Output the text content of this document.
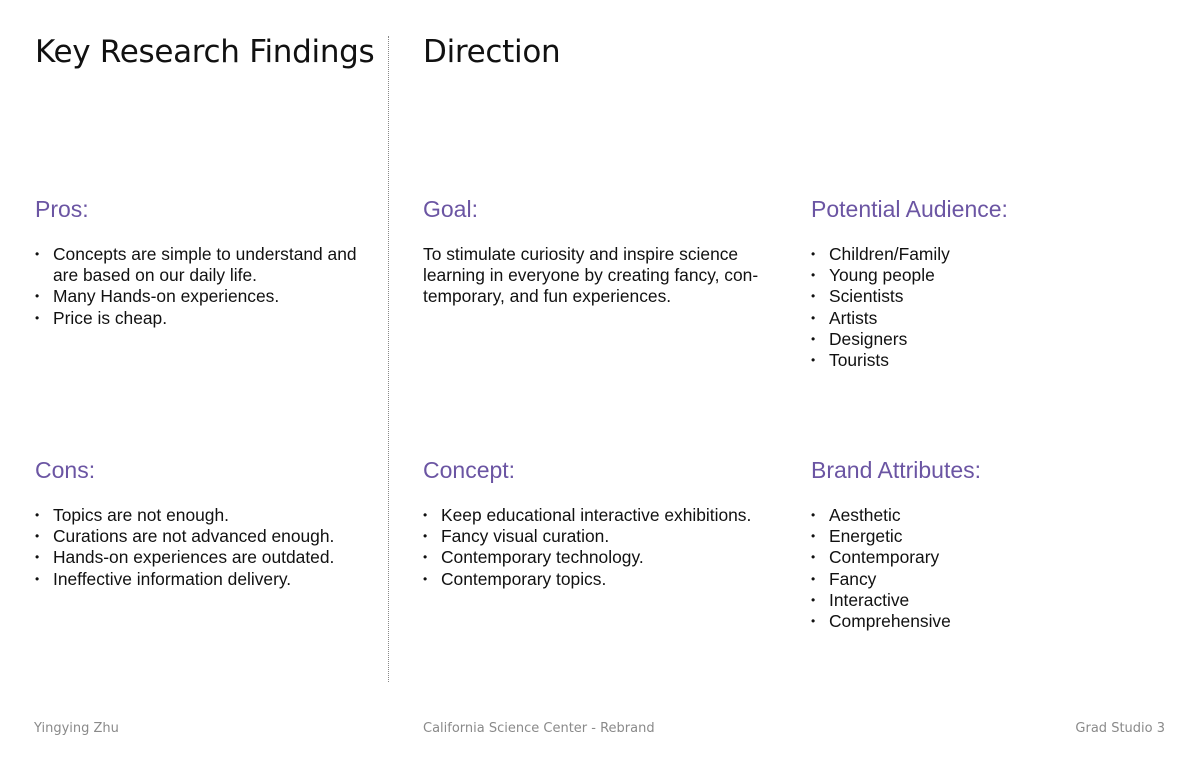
Key Research Findings Direction
Pros:
• Concepts are simple to understand and are based on our daily life.
• Many Hands-on experiences.
• Price is cheap.
Cons:
• Topics are not enough.
• Curations are not advanced enough.
• Hands-on experiences are outdated.
• Ineffective information delivery.
Goal:

To stimulate curiosity and inspire science learning in everyone by creating fancy, contemporary, and fun experiences.

Concept:
• Keep educational interactive exhibitions.
• Fancy visual curation.
• Contemporary technology.
• Contemporary topics.
Potential Audience:
• Children/Family
• Young people
• Scientists
• Artists
• Designers
• Tourists
Brand Attributes:
• Aesthetic
• Energetic
• Contemporary
• Fancy
• Interactive
• Comprehensive
Yingying Zhu	California Science Center - Rebrand	Grad Studio 3
